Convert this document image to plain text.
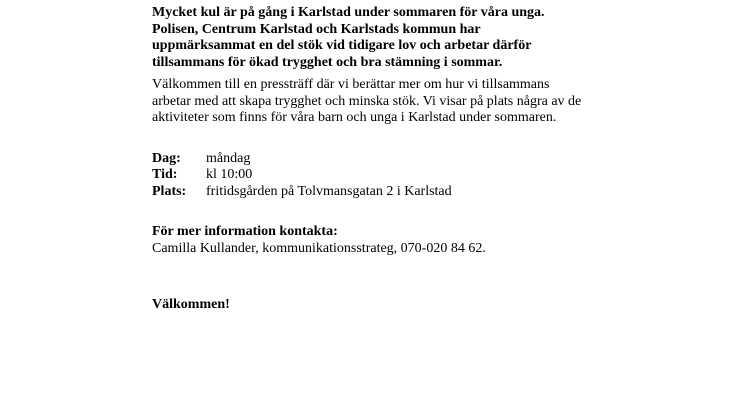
Mycket kul är på gång i Karlstad under sommaren för våra unga.
Polisen, Centrum Karlstad och Karlstads kommun har
uppmärksammat en del stök vid tidigare lov och arbetar därför
tillsammans för ökad trygghet och bra stämning i sommar.
Välkommen till en pressträff där vi berättar mer om hur vi tillsammans
arbetar med att skapa trygghet och minska stök. Vi visar på plats några av de
aktiviteter som finns för våra barn och unga i Karlstad under sommaren.
Dag:	måndag
Tid:	kl 10:00
Plats:	fritidsgården på Tolvmansgatan 2 i Karlstad
För mer information kontakta:
Camilla Kullander, kommunikationsstrateg, 070-020 84 62.
Välkommen!
